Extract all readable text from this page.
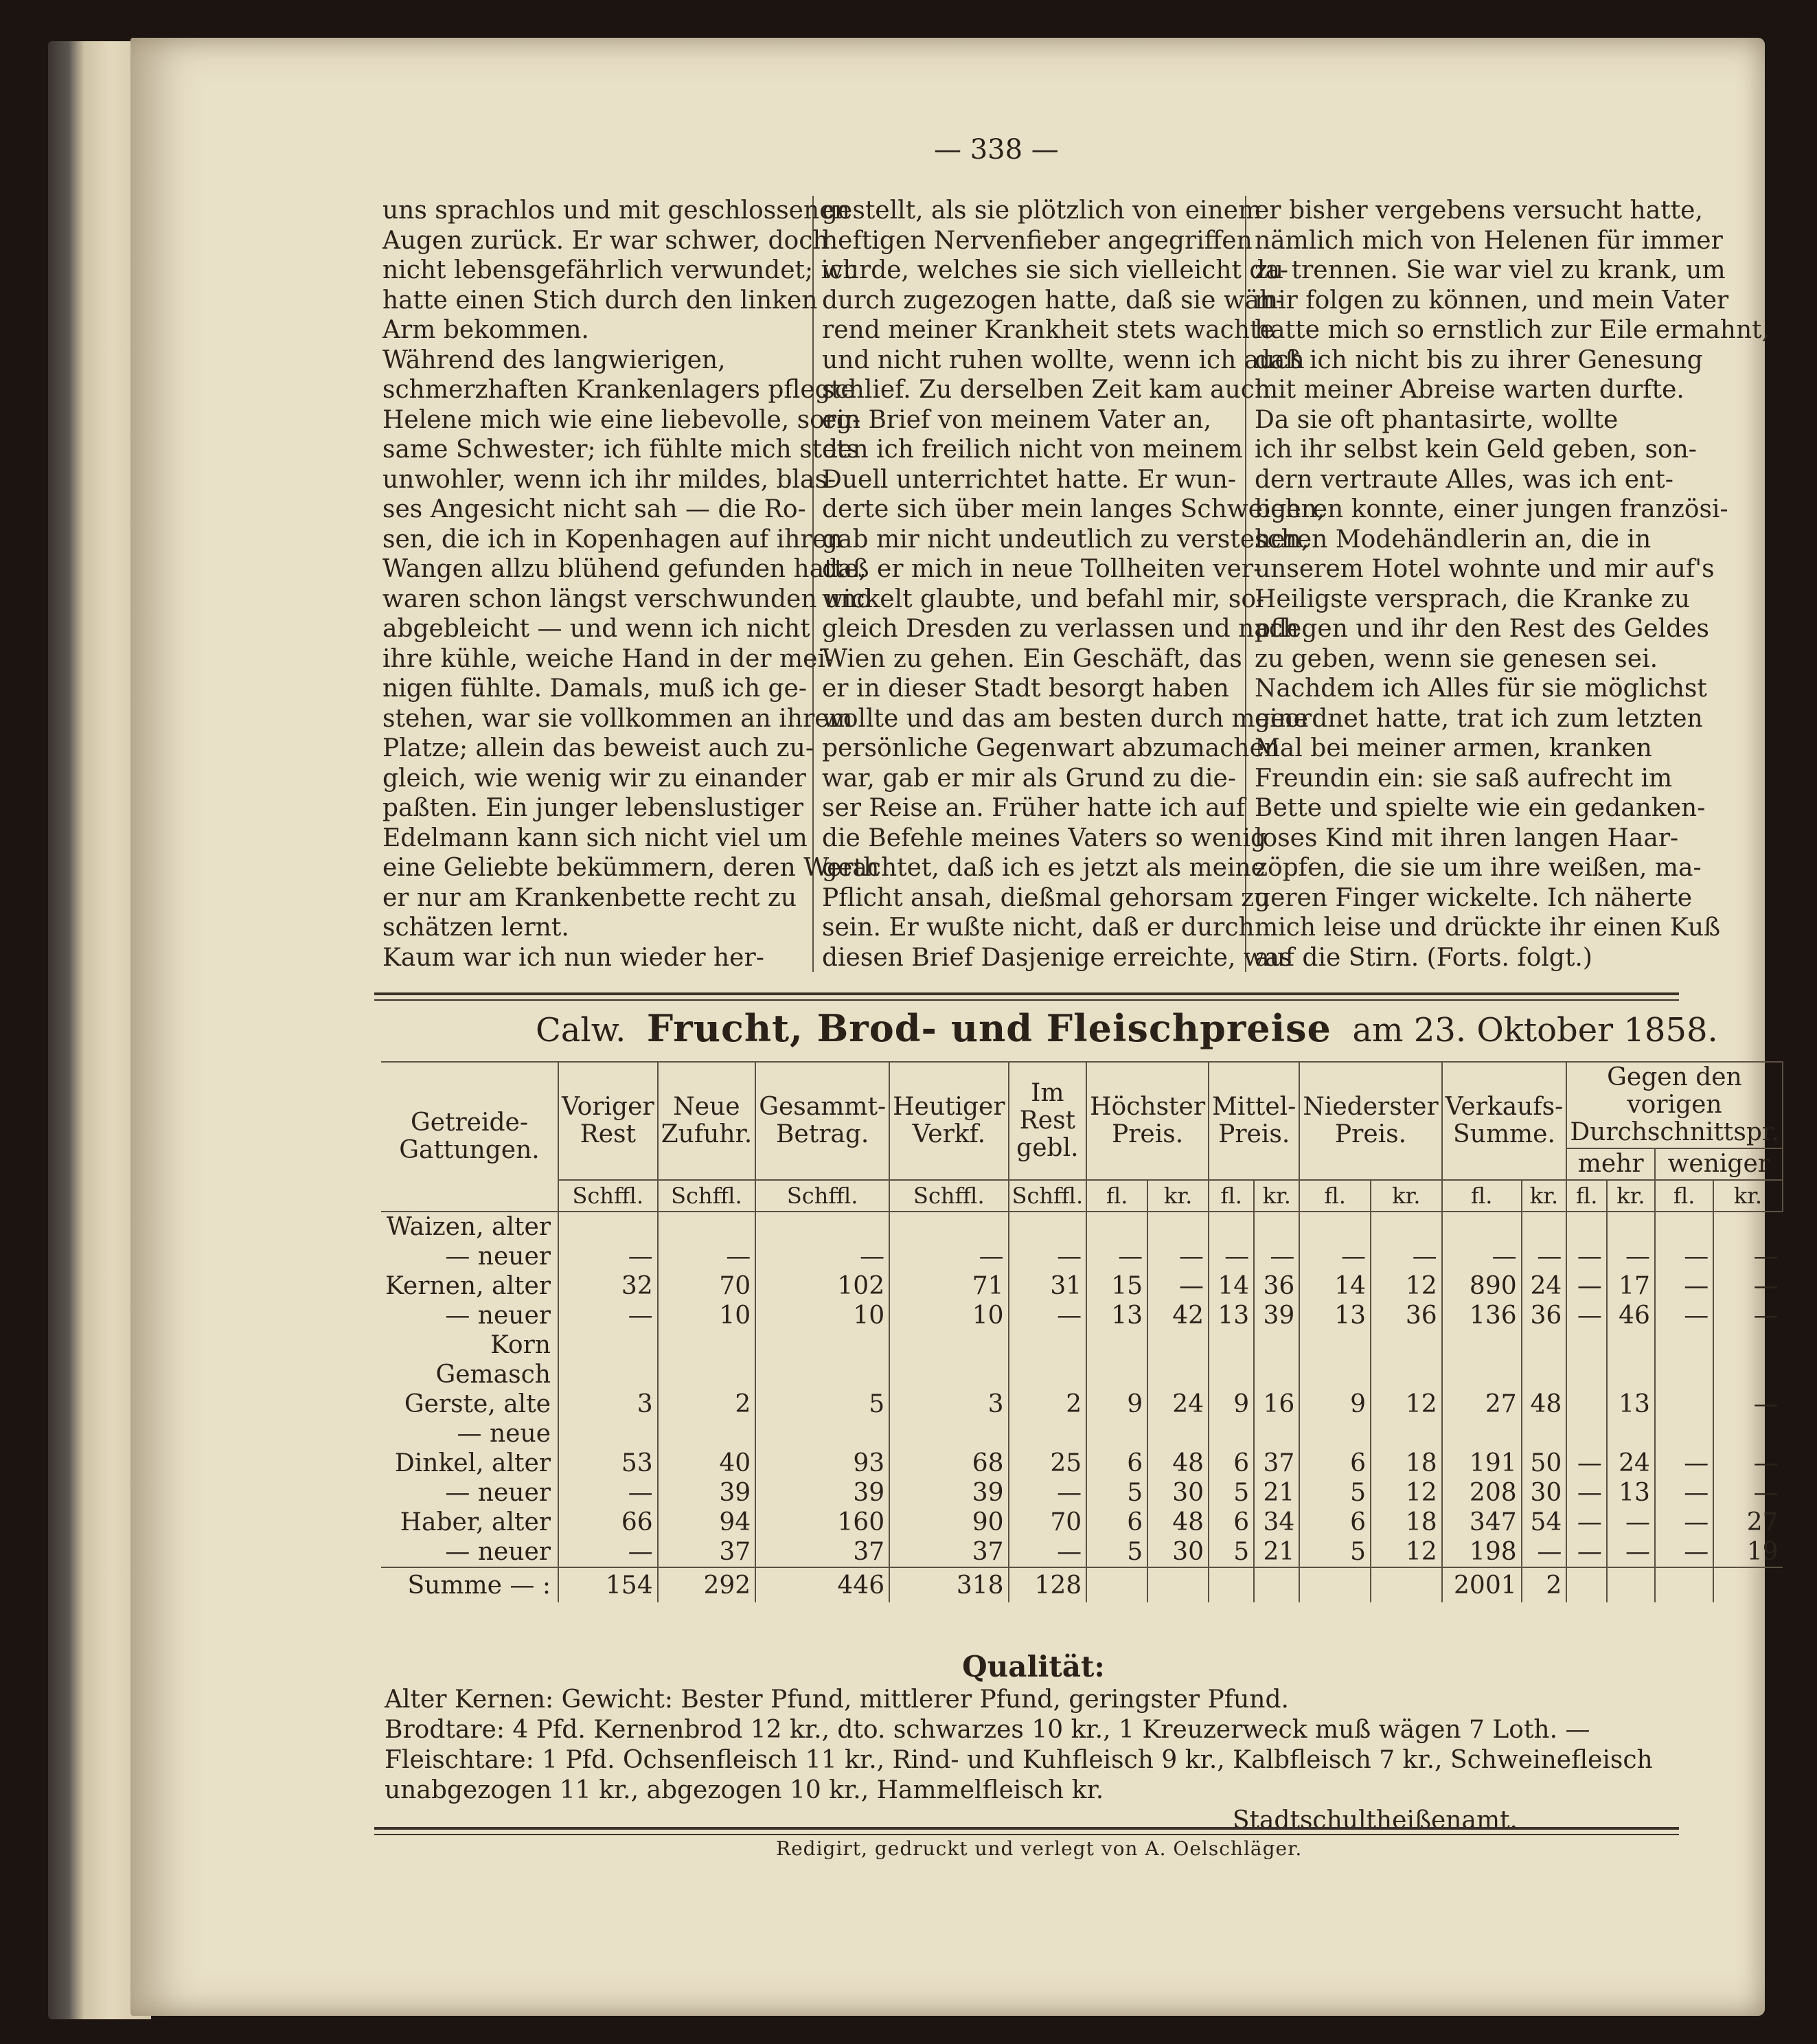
— 338 —
uns sprachlos und mit geschlossenen
Augen zurück. Er war schwer, doch
nicht lebensgefährlich verwundet; ich
hatte einen Stich durch den linken
Arm bekommen.
Während des langwierigen,
schmerzhaften Krankenlagers pflegte
Helene mich wie eine liebevolle, sorg-
same Schwester; ich fühlte mich stets
unwohler, wenn ich ihr mildes, blas-
ses Angesicht nicht sah — die Ro-
sen, die ich in Kopenhagen auf ihren
Wangen allzu blühend gefunden hatte,
waren schon längst verschwunden und
abgebleicht — und wenn ich nicht
ihre kühle, weiche Hand in der mei-
nigen fühlte. Damals, muß ich ge-
stehen, war sie vollkommen an ihrem
Platze; allein das beweist auch zu-
gleich, wie wenig wir zu einander
paßten. Ein junger lebenslustiger
Edelmann kann sich nicht viel um
eine Geliebte bekümmern, deren Werth
er nur am Krankenbette recht zu
schätzen lernt.
Kaum war ich nun wieder her-
gestellt, als sie plötzlich von einem
heftigen Nervenfieber angegriffen
wurde, welches sie sich vielleicht da-
durch zugezogen hatte, daß sie wäh-
rend meiner Krankheit stets wachte
und nicht ruhen wollte, wenn ich auch
schlief. Zu derselben Zeit kam auch
ein Brief von meinem Vater an,
den ich freilich nicht von meinem
Duell unterrichtet hatte. Er wun-
derte sich über mein langes Schweigen,
gab mir nicht undeutlich zu verstehen,
daß er mich in neue Tollheiten ver-
wickelt glaubte, und befahl mir, so-
gleich Dresden zu verlassen und nach
Wien zu gehen. Ein Geschäft, das
er in dieser Stadt besorgt haben
wollte und das am besten durch meine
persönliche Gegenwart abzumachen
war, gab er mir als Grund zu die-
ser Reise an. Früher hatte ich auf
die Befehle meines Vaters so wenig
geachtet, daß ich es jetzt als meine
Pflicht ansah, dießmal gehorsam zu
sein. Er wußte nicht, daß er durch
diesen Brief Dasjenige erreichte, was
er bisher vergebens versucht hatte,
nämlich mich von Helenen für immer
zu trennen. Sie war viel zu krank, um
mir folgen zu können, und mein Vater
hatte mich so ernstlich zur Eile ermahnt,
daß ich nicht bis zu ihrer Genesung
mit meiner Abreise warten durfte.
Da sie oft phantasirte, wollte
ich ihr selbst kein Geld geben, son-
dern vertraute Alles, was ich ent-
behren konnte, einer jungen französi-
schen Modehändlerin an, die in
unserem Hotel wohnte und mir auf's
Heiligste versprach, die Kranke zu
pflegen und ihr den Rest des Geldes
zu geben, wenn sie genesen sei.
Nachdem ich Alles für sie möglichst
geordnet hatte, trat ich zum letzten
Mal bei meiner armen, kranken
Freundin ein: sie saß aufrecht im
Bette und spielte wie ein gedanken-
loses Kind mit ihren langen Haar-
zöpfen, die sie um ihre weißen, ma-
geren Finger wickelte. Ich näherte
mich leise und drückte ihr einen Kuß
auf die Stirn. (Forts. folgt.)
Calw. Frucht, Brod- und Fleischpreise am 23. Oktober 1858.
Getreide-Gattungen.	Voriger Rest	Neue Zufuhr.	Gesammt-Betrag.	Heutiger Verkf.	Im Rest gebl.	Höchster Preis.		Mittel-Preis.		Niederster Preis.		Verkaufs-Summe.		Gegen den vorigen Durchschnittspr.			
														mehr		weniger	
	Schffl.	Schffl.	Schffl.	Schffl.	Schffl.	fl.	kr.	fl.	kr.	fl.	kr.	fl.	kr.	fl.	kr.	fl.	kr.
Waizen, alter																	
— neuer	—	—	—	—	—	—	—	—	—	—	—	—	—	—	—	—	—
Kernen, alter	32	70	102	71	31	15	—	14	36	14	12	890	24	—	17	—	—
— neuer	—	10	10	10	—	13	42	13	39	13	36	136	36	—	46	—	—
Korn																	
Gemasch																	
Gerste, alte	3	2	5	3	2	9	24	9	16	9	12	27	48		13		—
— neue																	
Dinkel, alter	53	40	93	68	25	6	48	6	37	6	18	191	50	—	24	—	—
— neuer	—	39	39	39	—	5	30	5	21	5	12	208	30	—	13	—	—
Haber, alter	66	94	160	90	70	6	48	6	34	6	18	347	54	—	—	—	27
— neuer	—	37	37	37	—	5	30	5	21	5	12	198	—	—	—	—	19
Summe — :	154	292	446	318	128							2001	2				
Qualität:
Alter Kernen: Gewicht: Bester Pfund, mittlerer Pfund, geringster Pfund.
Brodtare: 4 Pfd. Kernenbrod 12 kr., dto. schwarzes 10 kr., 1 Kreuzerweck muß wägen 7 Loth. —
Fleischtare: 1 Pfd. Ochsenfleisch 11 kr., Rind- und Kuhfleisch 9 kr., Kalbfleisch 7 kr., Schweinefleisch
unabgezogen 11 kr., abgezogen 10 kr., Hammelfleisch kr.
Stadtschultheißenamt.
Redigirt, gedruckt und verlegt von A. Oelschläger.
